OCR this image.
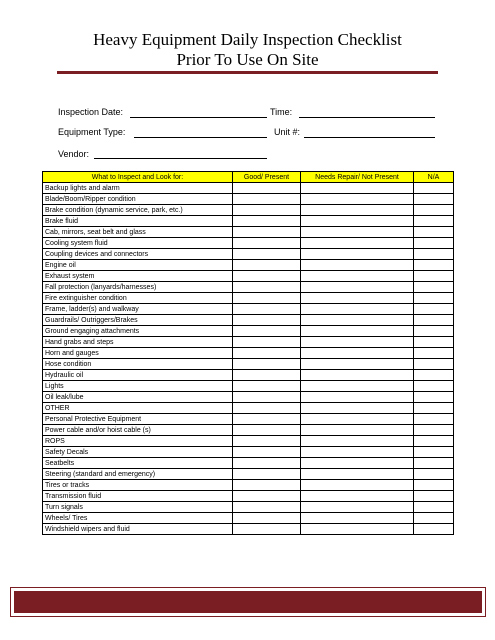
Heavy Equipment Daily Inspection Checklist
Prior To Use On Site
Inspection Date:	Time:
Equipment Type:	Unit #:
Vendor:
What to Inspect and Look for:	Good/ Present	Needs Repair/ Not Present	N/A
Backup lights and alarm			
Blade/Boom/Ripper condition			
Brake condition (dynamic service, park, etc.)			
Brake fluid			
Cab, mirrors, seat belt and glass			
Cooling system fluid			
Coupling devices and connectors			
Engine oil			
Exhaust system			
Fall protection (lanyards/harnesses)			
Fire extinguisher condition			
Frame, ladder(s) and walkway			
Guardrails/ Outriggers/Brakes			
Ground engaging attachments			
Hand grabs and steps			
Horn and gauges			
Hose condition			
Hydraulic oil			
Lights			
Oil leak/lube			
OTHER			
Personal Protective Equipment			
Power cable and/or hoist cable (s)			
ROPS			
Safety Decals			
Seatbelts			
Steering (standard and emergency)			
Tires or tracks			
Transmission fluid			
Turn signals			
Wheels/ Tires			
Windshield wipers and fluid			
